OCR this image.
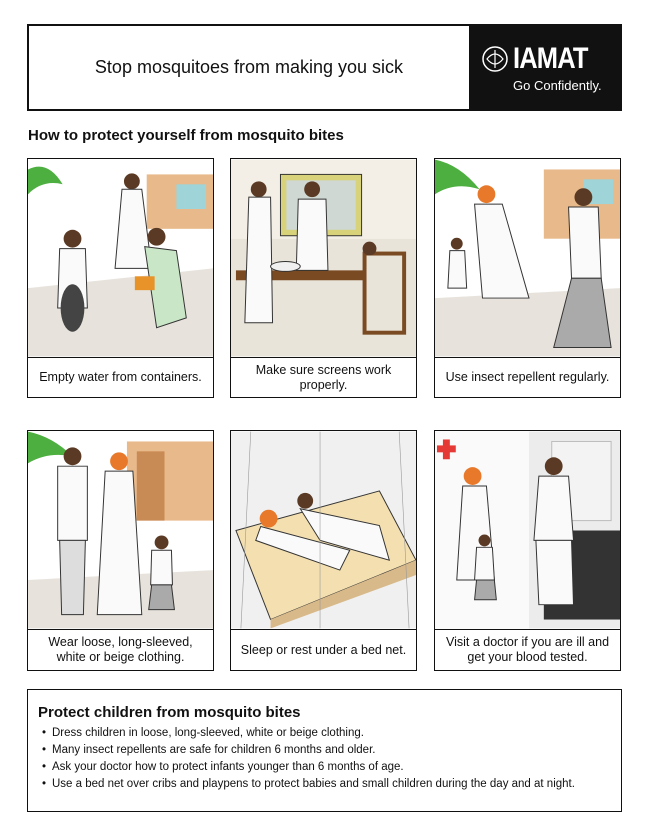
Stop mosquitoes from making you sick	IAMAT
Go Confidently.
How to protect yourself from mosquito bites
Empty water from containers.
Make sure screens work properly.
Use insect repellent regularly.
Wear loose, long-sleeved, white or beige clothing.
Sleep or rest under a bed net.
Visit a doctor if you are ill and get your blood tested.
Protect children from mosquito bites
• Dress children in loose, long-sleeved, white or beige clothing.
• Many insect repellents are safe for children 6 months and older.
• Ask your doctor how to protect infants younger than 6 months of age.
• Use a bed net over cribs and playpens to protect babies and small children during the day and at night.
